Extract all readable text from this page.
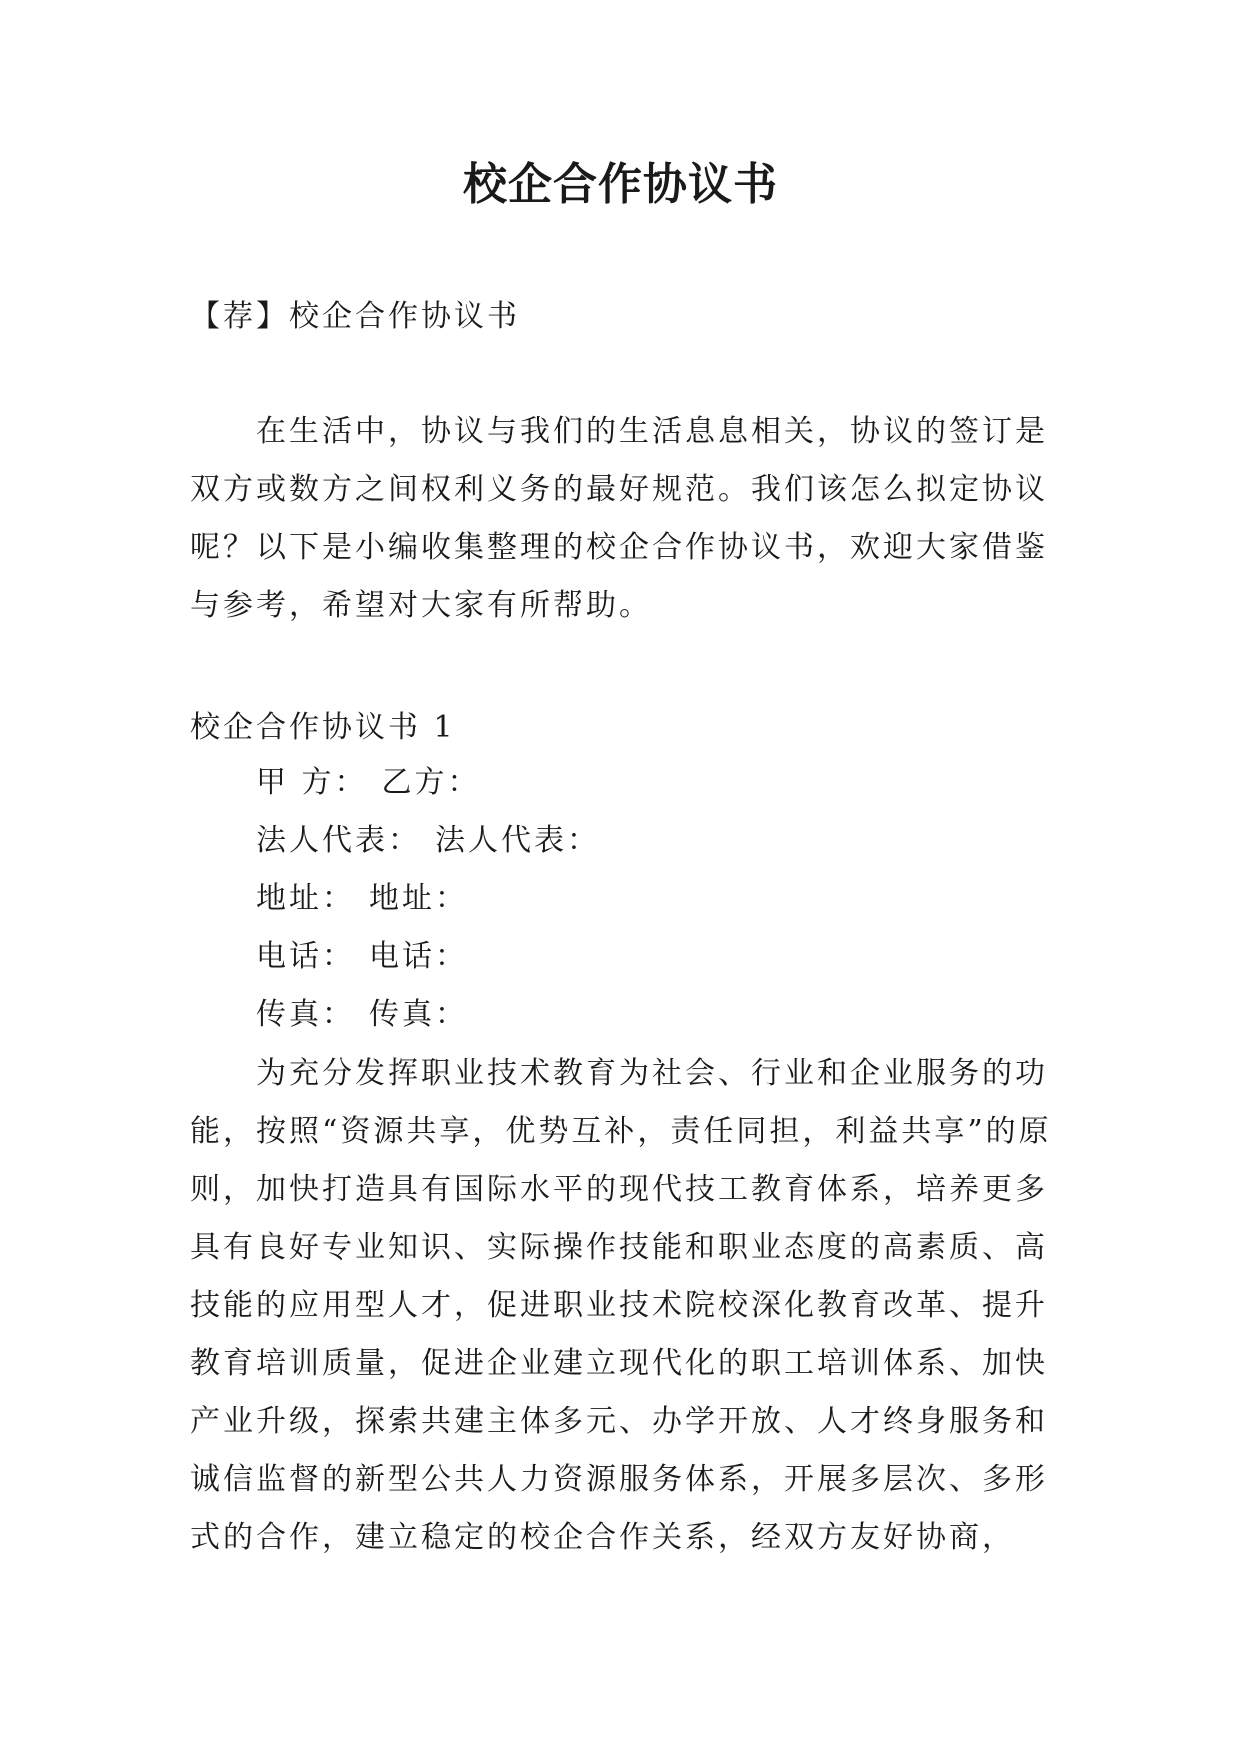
校企合作协议书

【荐】校企合作协议书

在生活中，协议与我们的生活息息相关，协议的签订是双方或数方之间权利义务的最好规范。我们该怎么拟定协议呢？以下是小编收集整理的校企合作协议书，欢迎大家借鉴与参考，希望对大家有所帮助。

校企合作协议书 1

甲 方： 乙方：
法人代表： 法人代表：
地址： 地址：
电话： 电话：
传真： 传真：

为充分发挥职业技术教育为社会、行业和企业服务的功能，按照“资源共享，优势互补，责任同担，利益共享”的原则，加快打造具有国际水平的现代技工教育体系，培养更多具有良好专业知识、实际操作技能和职业态度的高素质、高技能的应用型人才，促进职业技术院校深化教育改革、提升教育培训质量，促进企业建立现代化的职工培训体系、加快产业升级，探索共建主体多元、办学开放、人才终身服务和诚信监督的新型公共人力资源服务体系，开展多层次、多形式的合作，建立稳定的校企合作关系，经双方友好协商，
